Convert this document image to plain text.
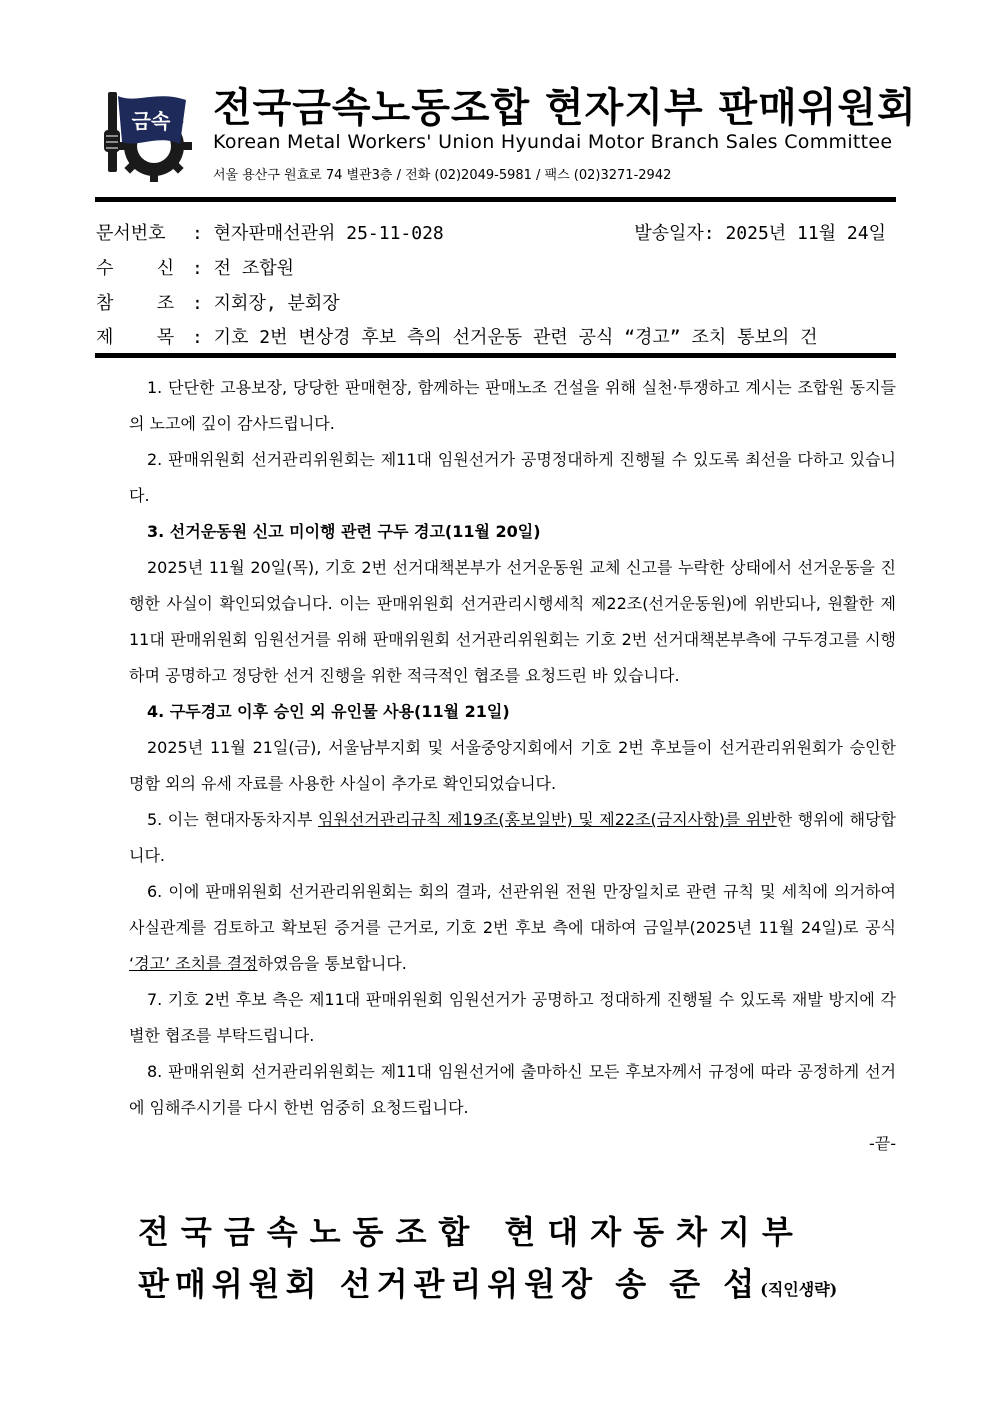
금속 전국금속노동조합 현자지부 판매위원회
Korean Metal Workers' Union Hyundai Motor Branch Sales Committee
서울 용산구 원효로 74 별관3층 / 전화 (02)2049-5981 / 팩스 (02)3271-2942
문서번호 : 현자판매선관위 25-11-028	발송일자: 2025년 11월 24일
수    신 : 전 조합원
참    조 : 지회장, 분회장
제    목 : 기호 2번 변상경 후보 측의 선거운동 관련 공식 “경고” 조치 통보의 건

1. 단단한 고용보장, 당당한 판매현장, 함께하는 판매노조 건설을 위해 실천·투쟁하고 계시는 조합원 동지들의 노고에 깊이 감사드립니다.

2. 판매위원회 선거관리위원회는 제11대 임원선거가 공명정대하게 진행될 수 있도록 최선을 다하고 있습니다.

3. 선거운동원 신고 미이행 관련 구두 경고(11월 20일)

2025년 11월 20일(목), 기호 2번 선거대책본부가 선거운동원 교체 신고를 누락한 상태에서 선거운동을 진행한 사실이 확인되었습니다. 이는 판매위원회 선거관리시행세칙 제22조(선거운동원)에 위반되나, 원활한 제11대 판매위원회 임원선거를 위해 판매위원회 선거관리위원회는 기호 2번 선거대책본부측에 구두경고를 시행하며 공명하고 정당한 선거 진행을 위한 적극적인 협조를 요청드린 바 있습니다.

4. 구두경고 이후 승인 외 유인물 사용(11월 21일)

2025년 11월 21일(금), 서울남부지회 및 서울중앙지회에서 기호 2번 후보들이 선거관리위원회가 승인한 명함 외의 유세 자료를 사용한 사실이 추가로 확인되었습니다.

5. 이는 현대자동차지부 임원선거관리규칙 제19조(홍보일반) 및 제22조(금지사항)를 위반한 행위에 해당합니다.

6. 이에 판매위원회 선거관리위원회는 회의 결과, 선관위원 전원 만장일치로 관련 규칙 및 세칙에 의거하여 사실관계를 검토하고 확보된 증거를 근거로, 기호 2번 후보 측에 대하여 금일부(2025년 11월 24일)로 공식 ‘경고’ 조치를 결정하였음을 통보합니다.

7. 기호 2번 후보 측은 제11대 판매위원회 임원선거가 공명하고 정대하게 진행될 수 있도록 재발 방지에 각별한 협조를 부탁드립니다.

8. 판매위원회 선거관리위원회는 제11대 임원선거에 출마하신 모든 후보자께서 규정에 따라 공정하게 선거에 임해주시기를 다시 한번 엄중히 요청드립니다.

-끝-

전국금속노동조합 현대자동차지부
판매위원회 선거관리위원장 송 준 섭(직인생략)
